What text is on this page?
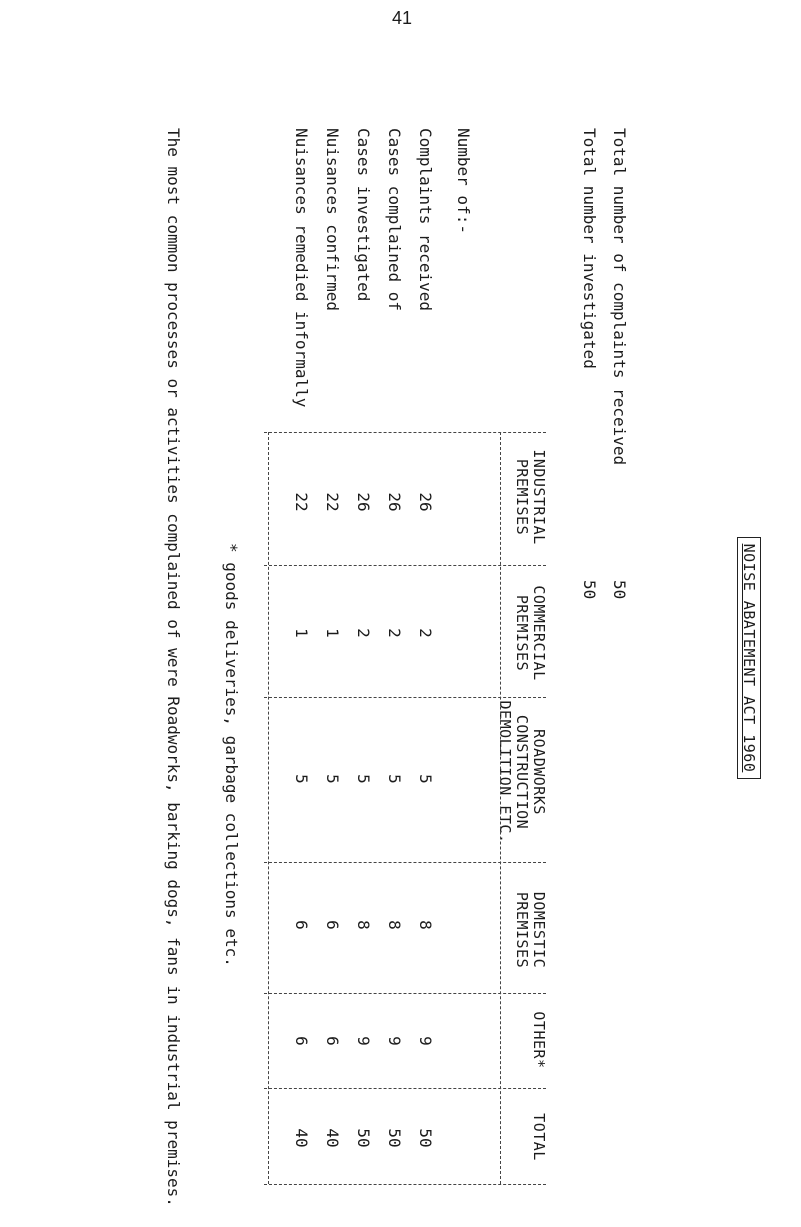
41
NOISE ABATEMENT ACT 1960
Total number of complaints received
50
Total number investigated
50
INDUSTRIAL
PREMISES
COMMERCIAL
PREMISES
ROADWORKS
CONSTRUCTION
DEMOLITION ETC.
DOMESTIC
PREMISES
OTHER*
TOTAL
Number of:-
Complaints received
26
2
5
8
9
50
Cases complained of
26
2
5
8
9
50
Cases investigated
26
2
5
8
9
50
Nuisances confirmed
22
1
5
6
6
40
Nuisances remedied informally
22
1
5
6
6
40
* goods deliveries, garbage collections etc.
The most common processes or activities complained of were Roadworks, barking dogs, fans in industrial premises.
